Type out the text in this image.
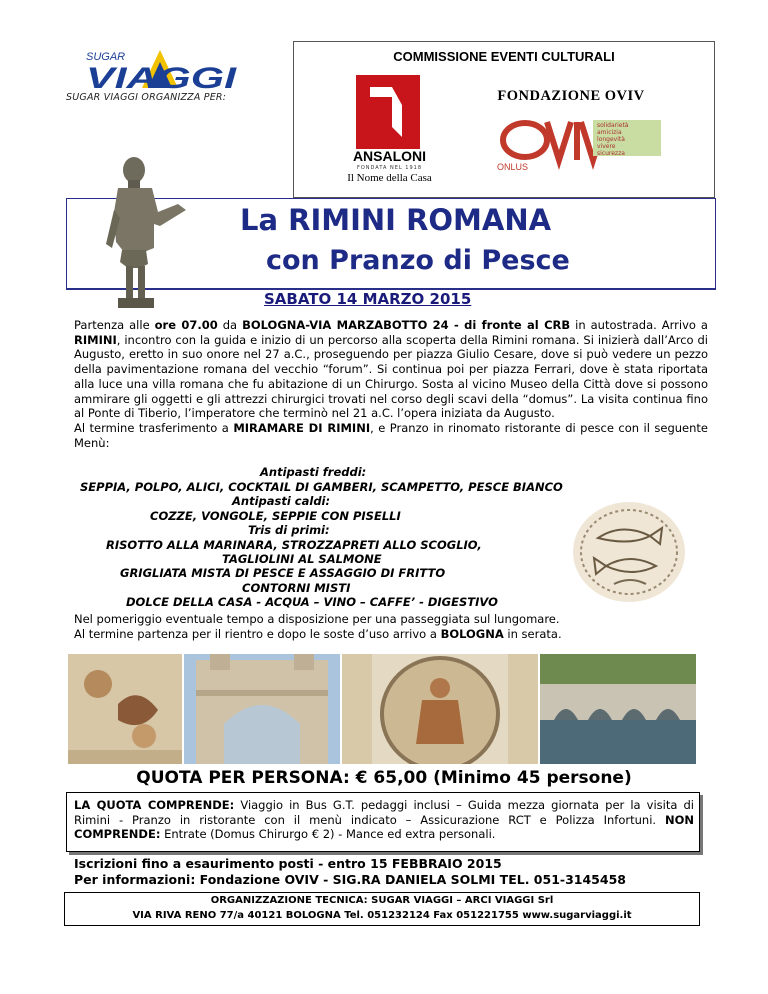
SUGAR
VIAGGI
SUGAR VIAGGI ORGANIZZA PER:
COMMISSIONE EVENTI CULTURALI
ANSALONI
FONDATA NEL 1918
Il Nome della Casa
FONDAZIONE OVIV
solidarietà
amicizia
longevità
vivere
sicurezza
ONLUS
La RIMINI ROMANA
con Pranzo di Pesce
SABATO 14 MARZO 2015

Partenza alle ore 07.00 da BOLOGNA-VIA MARZABOTTO 24 - di fronte al CRB in autostrada. Arrivo a RIMINI, incontro con la guida e inizio di un percorso alla scoperta della Rimini romana. Si inizierà dall’Arco di Augusto, eretto in suo onore nel 27 a.C., proseguendo per piazza Giulio Cesare, dove si può vedere un pezzo della pavimentazione romana del vecchio “forum”. Si continua poi per piazza Ferrari, dove è stata riportata alla luce una villa romana che fu abitazione di un Chirurgo. Sosta al vicino Museo della Città dove si possono ammirare gli oggetti e gli attrezzi chirurgici trovati nel corso degli scavi della “domus”. La visita continua fino al Ponte di Tiberio, l’imperatore che terminò nel 21 a.C. l’opera iniziata da Augusto.

Al termine trasferimento a MIRAMARE DI RIMINI, e Pranzo in rinomato ristorante di pesce con il seguente Menù:

Antipasti freddi:
SEPPIA, POLPO, ALICI, COCKTAIL DI GAMBERI, SCAMPETTO, PESCE BIANCO
Antipasti caldi:
COZZE, VONGOLE, SEPPIE CON PISELLI
Tris di primi:
RISOTTO ALLA MARINARA, STROZZAPRETI ALLO SCOGLIO,
TAGLIOLINI AL SALMONE
GRIGLIATA MISTA DI PESCE E ASSAGGIO DI FRITTO
CONTORNI MISTI
DOLCE DELLA CASA - ACQUA – VINO – CAFFE’ - DIGESTIVO

Nel pomeriggio eventuale tempo a disposizione per una passeggiata sul lungomare.

Al termine partenza per il rientro e dopo le soste d’uso arrivo a BOLOGNA in serata.

QUOTA PER PERSONA: € 65,00 (Minimo 45 persone)
LA QUOTA COMPRENDE: Viaggio in Bus G.T. pedaggi inclusi – Guida mezza giornata per la visita di Rimini - Pranzo in ristorante con il menù indicato – Assicurazione RCT e Polizza Infortuni. NON COMPRENDE: Entrate (Domus Chirurgo € 2) - Mance ed extra personali.
Iscrizioni fino a esaurimento posti - entro 15 FEBBRAIO 2015
Per informazioni: Fondazione OVIV - SIG.RA DANIELA SOLMI TEL. 051-3145458
ORGANIZZAZIONE TECNICA: SUGAR VIAGGI – ARCI VIAGGI Srl
VIA RIVA RENO 77/a 40121 BOLOGNA Tel. 051232124 Fax 051221755 www.sugarviaggi.it
